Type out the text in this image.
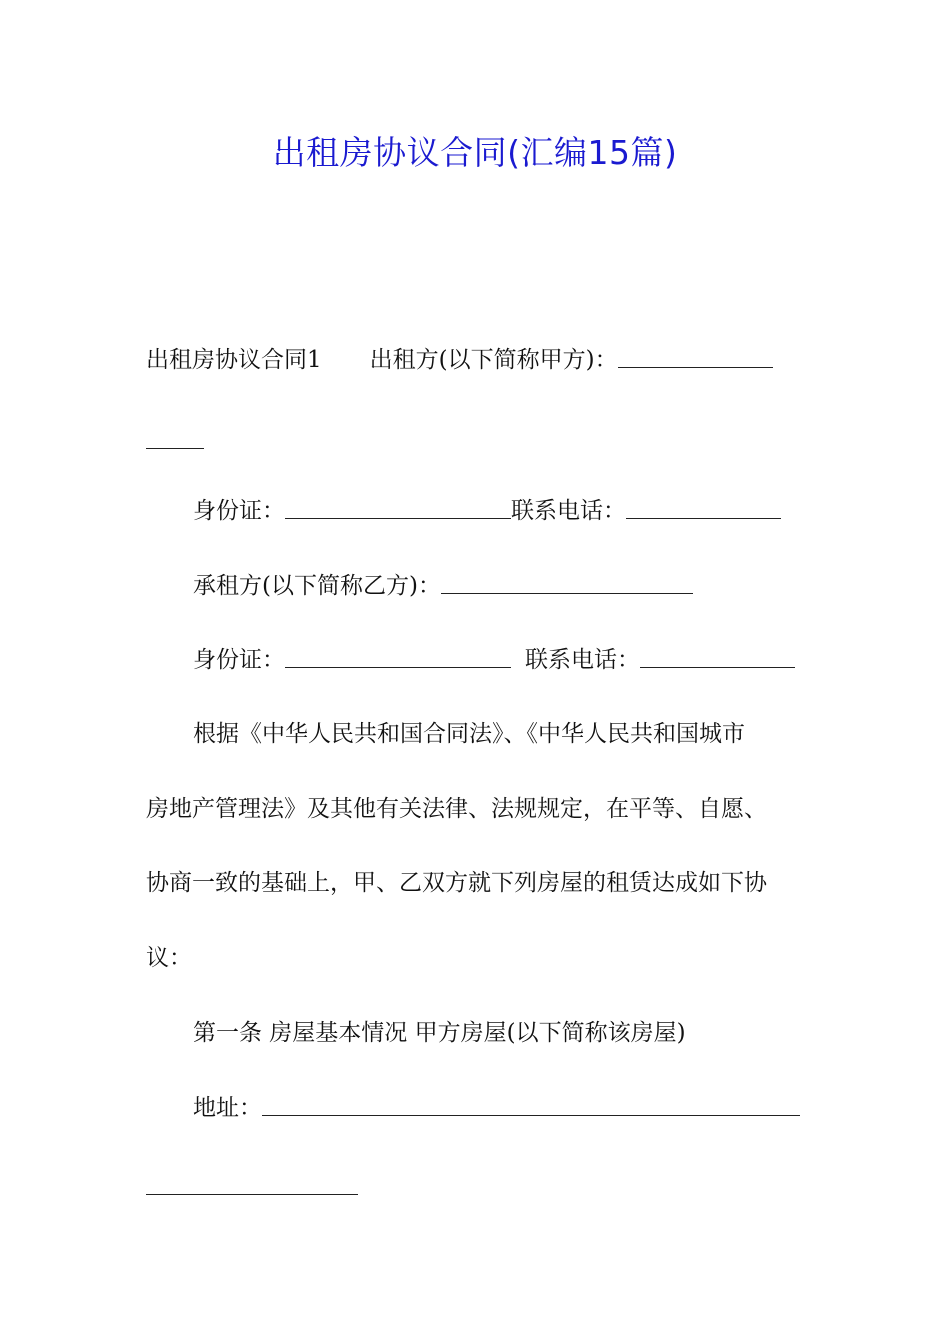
出租房协议合同(汇编15篇)
出租房协议合同1 出租方(以下简称甲方)：
身份证：	联系电话：
承租方(以下简称乙方)：
身份证：	联系电话：
根据《中华人民共和国合同法》、《中华人民共和国城市
房地产管理法》及其他有关法律、法规规定，在平等、自愿、
协商一致的基础上，甲、乙双方就下列房屋的租赁达成如下协
议：
第一条 房屋基本情况 甲方房屋(以下简称该房屋)
地址：
